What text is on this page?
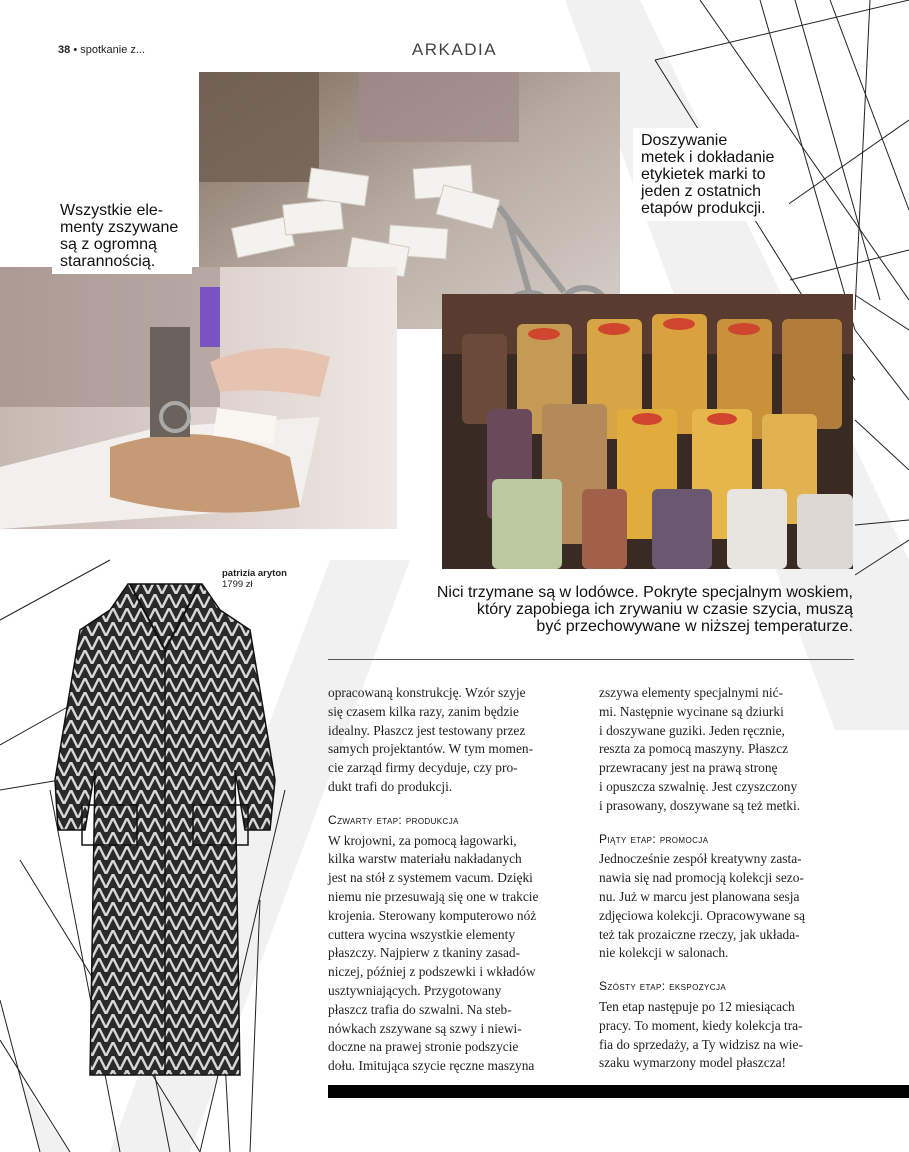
38 • spotkanie z...	ARKADIA
Wszystkie ele-
menty zszywane
są z ogromną
starannością.
Doszywanie
metek i dokładanie
etykietek marki to
jeden z ostatnich
etapów produkcji.
Nici trzymane są w lodówce. Pokryte specjalnym woskiem,
który zapobiega ich zrywaniu w czasie szycia, muszą
być przechowywane w niższej temperaturze.
patrizia aryton
1799 zł

opracowaną konstrukcję. Wzór szyje
się czasem kilka razy, zanim będzie
idealny. Płaszcz jest testowany przez
samych projektantów. W tym momen-
cie zarząd firmy decyduje, czy pro-
dukt trafi do produkcji.

Czwarty etap: produkcja

W krojowni, za pomocą łagowarki,
kilka warstw materiału nakładanych
jest na stół z systemem vacum. Dzięki
niemu nie przesuwają się one w trakcie
krojenia. Sterowany komputerowo nóż
cuttera wycina wszystkie elementy
płaszczy. Najpierw z tkaniny zasad-
niczej, później z podszewki i wkładów
usztywniających. Przygotowany
płaszcz trafia do szwalni. Na steb-
nówkach zszywane są szwy i niewi-
doczne na prawej stronie podszycie
dołu. Imitująca szycie ręczne maszyna

zszywa elementy specjalnymi nić-
mi. Następnie wycinane są dziurki
i doszywane guziki. Jeden ręcznie,
reszta za pomocą maszyny. Płaszcz
przewracany jest na prawą stronę
i opuszcza szwalnię. Jest czyszczony
i prasowany, doszywane są też metki.

Piąty etap: promocja

Jednocześnie zespół kreatywny zasta-
nawia się nad promocją kolekcji sezo-
nu. Już w marcu jest planowana sesja
zdjęciowa kolekcji. Opracowywane są
też tak prozaiczne rzeczy, jak układa-
nie kolekcji w salonach.

Szósty etap: ekspozycja

Ten etap następuje po 12 miesiącach
pracy. To moment, kiedy kolekcja tra-
fia do sprzedaży, a Ty widzisz na wie-
szaku wymarzony model płaszcza!
